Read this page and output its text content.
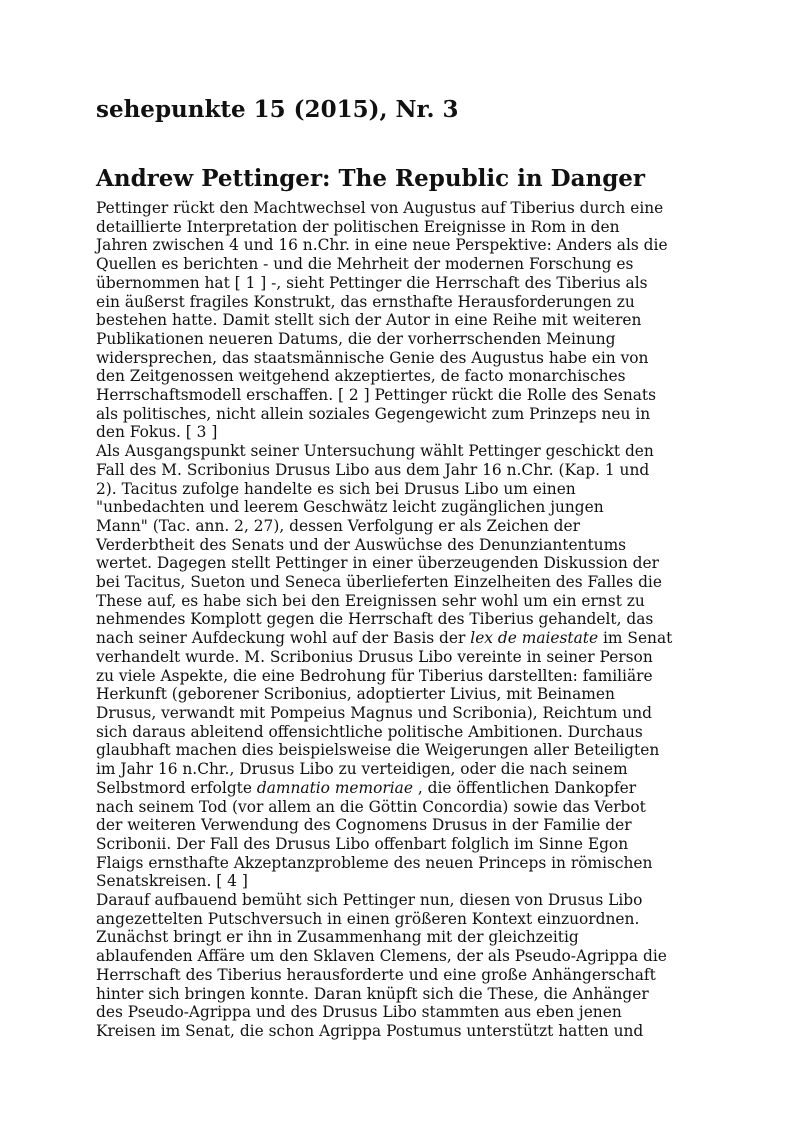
sehepunkte 15 (2015), Nr. 3
Andrew Pettinger: The Republic in Danger
Pettinger rückt den Machtwechsel von Augustus auf Tiberius durch eine
detaillierte Interpretation der politischen Ereignisse in Rom in den
Jahren zwischen 4 und 16 n.Chr. in eine neue Perspektive: Anders als die
Quellen es berichten - und die Mehrheit der modernen Forschung es
übernommen hat [ 1 ] -, sieht Pettinger die Herrschaft des Tiberius als
ein äußerst fragiles Konstrukt, das ernsthafte Herausforderungen zu
bestehen hatte. Damit stellt sich der Autor in eine Reihe mit weiteren
Publikationen neueren Datums, die der vorherrschenden Meinung
widersprechen, das staatsmännische Genie des Augustus habe ein von
den Zeitgenossen weitgehend akzeptiertes, de facto monarchisches
Herrschaftsmodell erschaffen. [ 2 ] Pettinger rückt die Rolle des Senats
als politisches, nicht allein soziales Gegengewicht zum Prinzeps neu in
den Fokus. [ 3 ]
Als Ausgangspunkt seiner Untersuchung wählt Pettinger geschickt den
Fall des M. Scribonius Drusus Libo aus dem Jahr 16 n.Chr. (Kap. 1 und
2). Tacitus zufolge handelte es sich bei Drusus Libo um einen
"unbedachten und leerem Geschwätz leicht zugänglichen jungen
Mann" (Tac. ann. 2, 27), dessen Verfolgung er als Zeichen der
Verderbtheit des Senats und der Auswüchse des Denunziantentums
wertet. Dagegen stellt Pettinger in einer überzeugenden Diskussion der
bei Tacitus, Sueton und Seneca überlieferten Einzelheiten des Falles die
These auf, es habe sich bei den Ereignissen sehr wohl um ein ernst zu
nehmendes Komplott gegen die Herrschaft des Tiberius gehandelt, das
nach seiner Aufdeckung wohl auf der Basis der lex de maiestate im Senat
verhandelt wurde. M. Scribonius Drusus Libo vereinte in seiner Person
zu viele Aspekte, die eine Bedrohung für Tiberius darstellten: familiäre
Herkunft (geborener Scribonius, adoptierter Livius, mit Beinamen
Drusus, verwandt mit Pompeius Magnus und Scribonia), Reichtum und
sich daraus ableitend offensichtliche politische Ambitionen. Durchaus
glaubhaft machen dies beispielsweise die Weigerungen aller Beteiligten
im Jahr 16 n.Chr., Drusus Libo zu verteidigen, oder die nach seinem
Selbstmord erfolgte damnatio memoriae , die öffentlichen Dankopfer
nach seinem Tod (vor allem an die Göttin Concordia) sowie das Verbot
der weiteren Verwendung des Cognomens Drusus in der Familie der
Scribonii. Der Fall des Drusus Libo offenbart folglich im Sinne Egon
Flaigs ernsthafte Akzeptanzprobleme des neuen Princeps in römischen
Senatskreisen. [ 4 ]
Darauf aufbauend bemüht sich Pettinger nun, diesen von Drusus Libo
angezettelten Putschversuch in einen größeren Kontext einzuordnen.
Zunächst bringt er ihn in Zusammenhang mit der gleichzeitig
ablaufenden Affäre um den Sklaven Clemens, der als Pseudo-Agrippa die
Herrschaft des Tiberius herausforderte und eine große Anhängerschaft
hinter sich bringen konnte. Daran knüpft sich die These, die Anhänger
des Pseudo-Agrippa und des Drusus Libo stammten aus eben jenen
Kreisen im Senat, die schon Agrippa Postumus unterstützt hatten und
